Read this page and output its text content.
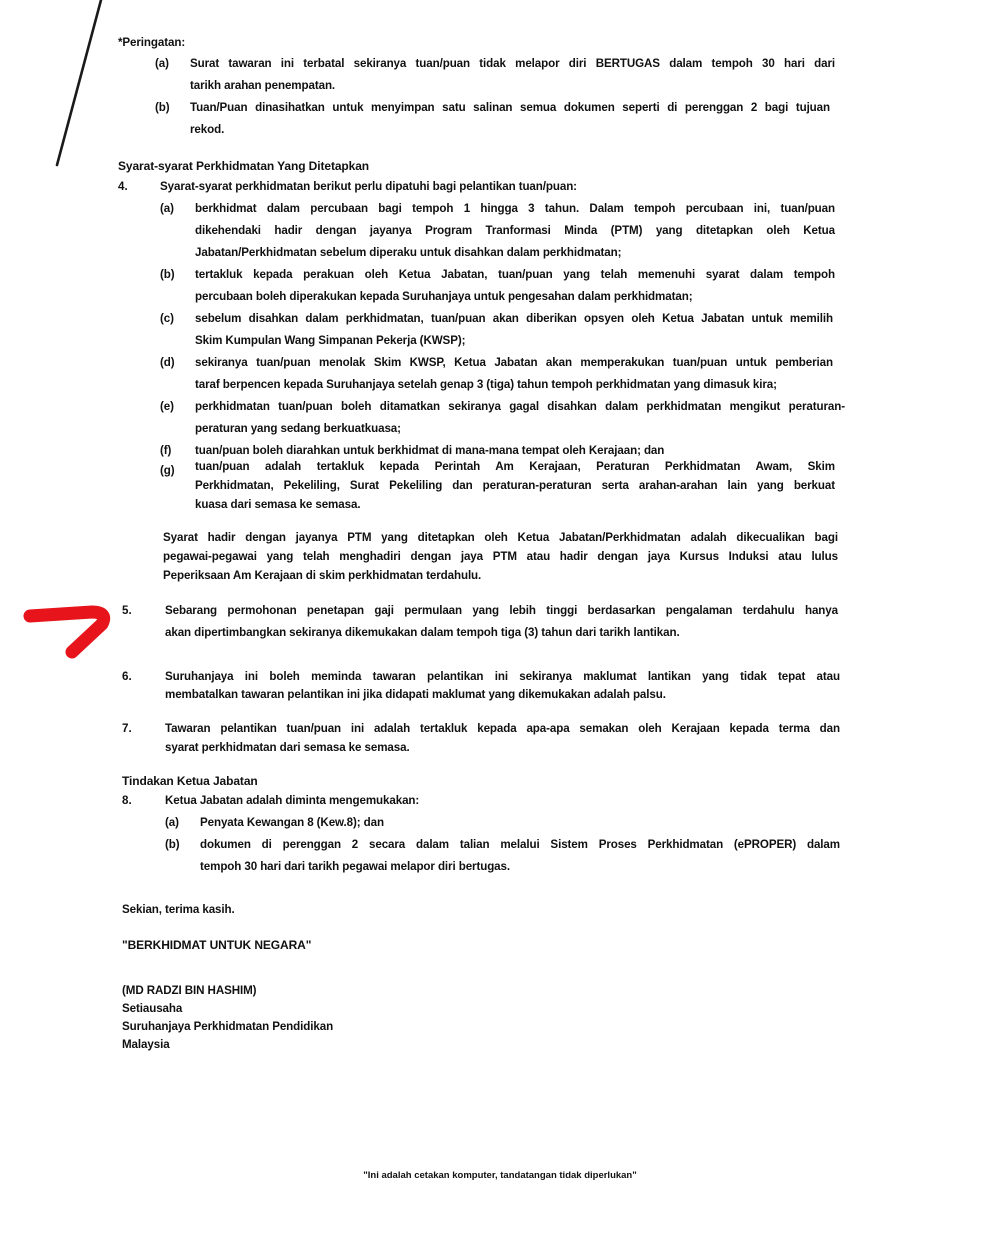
*Peringatan:
(a) Surat tawaran ini terbatal sekiranya tuan/puan tidak melapor diri BERTUGAS dalam tempoh 30 hari dari
tarikh arahan penempatan.
(b) Tuan/Puan dinasihatkan untuk menyimpan satu salinan semua dokumen seperti di perenggan 2 bagi tujuan
rekod.
Syarat-syarat Perkhidmatan Yang Ditetapkan
4.	Syarat-syarat perkhidmatan berikut perlu dipatuhi bagi pelantikan tuan/puan:
(a) berkhidmat dalam percubaan bagi tempoh 1 hingga 3 tahun. Dalam tempoh percubaan ini, tuan/puan
dikehendaki hadir dengan jayanya Program Tranformasi Minda (PTM) yang ditetapkan oleh Ketua
Jabatan/Perkhidmatan sebelum diperaku untuk disahkan dalam perkhidmatan;
(b) tertakluk kepada perakuan oleh Ketua Jabatan, tuan/puan yang telah memenuhi syarat dalam tempoh
percubaan boleh diperakukan kepada Suruhanjaya untuk pengesahan dalam perkhidmatan;
(c) sebelum disahkan dalam perkhidmatan, tuan/puan akan diberikan opsyen oleh Ketua Jabatan untuk memilih
Skim Kumpulan Wang Simpanan Pekerja (KWSP);
(d) sekiranya tuan/puan menolak Skim KWSP, Ketua Jabatan akan memperakukan tuan/puan untuk pemberian
taraf berpencen kepada Suruhanjaya setelah genap 3 (tiga) tahun tempoh perkhidmatan yang dimasuk kira;
(e) perkhidmatan tuan/puan boleh ditamatkan sekiranya gagal disahkan dalam perkhidmatan mengikut peraturan-
peraturan yang sedang berkuatkuasa;
(f) tuan/puan boleh diarahkan untuk berkhidmat di mana-mana tempat oleh Kerajaan; dan
(g) tuan/puan adalah tertakluk kepada Perintah Am Kerajaan, Peraturan Perkhidmatan Awam, Skim
Perkhidmatan, Pekeliling, Surat Pekeliling dan peraturan-peraturan serta arahan-arahan lain yang berkuat
kuasa dari semasa ke semasa.
Syarat hadir dengan jayanya PTM yang ditetapkan oleh Ketua Jabatan/Perkhidmatan adalah dikecualikan bagi
pegawai-pegawai yang telah menghadiri dengan jaya PTM atau hadir dengan jaya Kursus Induksi atau lulus
Peperiksaan Am Kerajaan di skim perkhidmatan terdahulu.
5.	Sebarang permohonan penetapan gaji permulaan yang lebih tinggi berdasarkan pengalaman terdahulu hanya
akan dipertimbangkan sekiranya dikemukakan dalam tempoh tiga (3) tahun dari tarikh lantikan.
6.	Suruhanjaya ini boleh meminda tawaran pelantikan ini sekiranya maklumat lantikan yang tidak tepat atau
membatalkan tawaran pelantikan ini jika didapati maklumat yang dikemukakan adalah palsu.
7.	Tawaran pelantikan tuan/puan ini adalah tertakluk kepada apa-apa semakan oleh Kerajaan kepada terma dan
syarat perkhidmatan dari semasa ke semasa.
Tindakan Ketua Jabatan
8.	Ketua Jabatan adalah diminta mengemukakan:
(a) Penyata Kewangan 8 (Kew.8); dan
(b) dokumen di perenggan 2 secara dalam talian melalui Sistem Proses Perkhidmatan (ePROPER) dalam
tempoh 30 hari dari tarikh pegawai melapor diri bertugas.
Sekian, terima kasih.
"BERKHIDMAT UNTUK NEGARA"
(MD RADZI BIN HASHIM)
Setiausaha
Suruhanjaya Perkhidmatan Pendidikan
Malaysia
"Ini adalah cetakan komputer, tandatangan tidak diperlukan"
